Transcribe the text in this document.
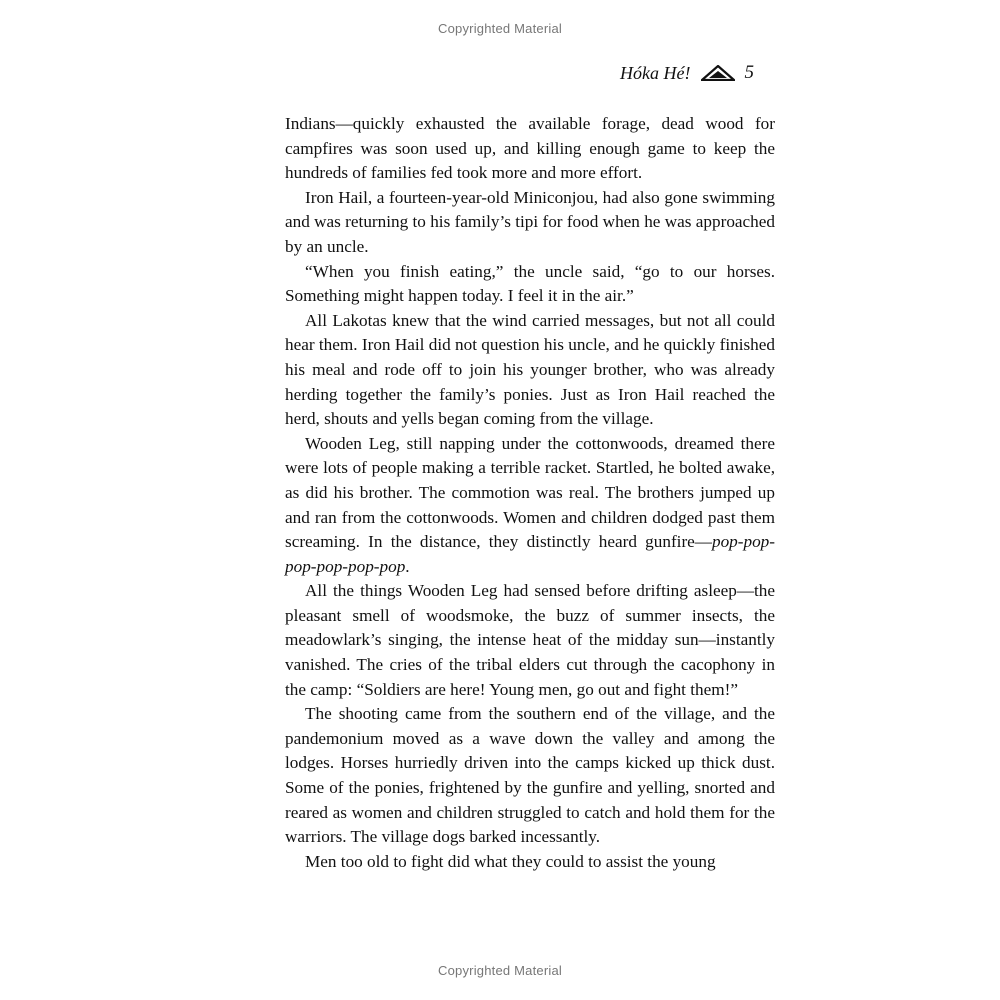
Copyrighted Material
Hóka Hé!	5

Indians—quickly exhausted the available forage, dead wood for campfires was soon used up, and killing enough game to keep the hundreds of families fed took more and more effort.

Iron Hail, a fourteen-year-old Miniconjou, had also gone swimming and was returning to his family’s tipi for food when he was approached by an uncle.

“When you finish eating,” the uncle said, “go to our horses. Something might happen today. I feel it in the air.”

All Lakotas knew that the wind carried messages, but not all could hear them. Iron Hail did not question his uncle, and he quickly finished his meal and rode off to join his younger brother, who was already herding together the family’s ponies. Just as Iron Hail reached the herd, shouts and yells began coming from the village.

Wooden Leg, still napping under the cottonwoods, dreamed there were lots of people making a terrible racket. Startled, he bolted awake, as did his brother. The commotion was real. The brothers jumped up and ran from the cottonwoods. Women and children dodged past them screaming. In the distance, they distinctly heard gunfire—pop-pop-pop-pop-pop-pop.

All the things Wooden Leg had sensed before drifting asleep—the pleasant smell of woodsmoke, the buzz of summer insects, the meadowlark’s singing, the intense heat of the midday sun—instantly vanished. The cries of the tribal elders cut through the cacophony in the camp: “Soldiers are here! Young men, go out and fight them!”

The shooting came from the southern end of the village, and the pandemonium moved as a wave down the valley and among the lodges. Horses hurriedly driven into the camps kicked up thick dust. Some of the ponies, frightened by the gunfire and yelling, snorted and reared as women and children struggled to catch and hold them for the warriors. The village dogs barked incessantly.

Men too old to fight did what they could to assist the young

Copyrighted Material
